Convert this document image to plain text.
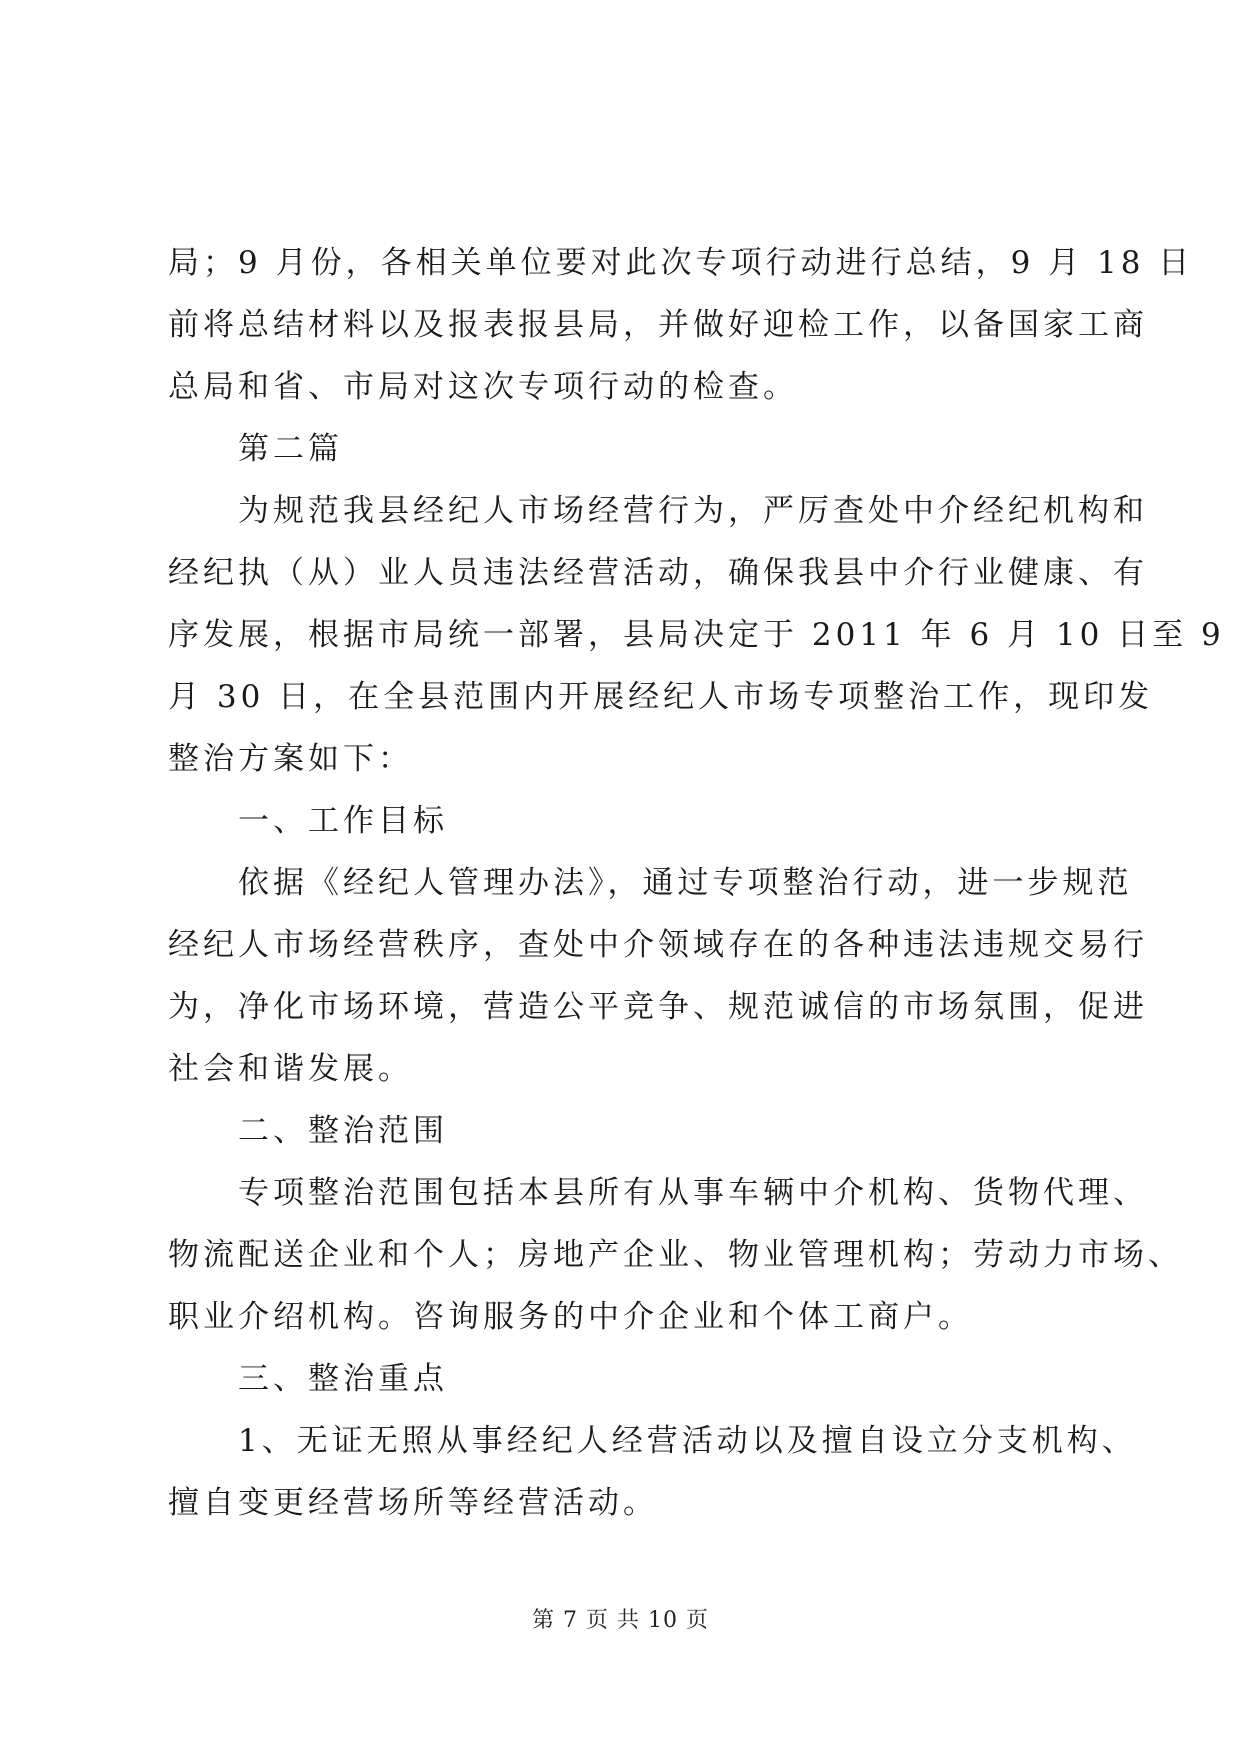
局；9 月份，各相关单位要对此次专项行动进行总结，9 月 18 日
前将总结材料以及报表报县局，并做好迎检工作，以备国家工商
总局和省、市局对这次专项行动的检查。
第二篇
为规范我县经纪人市场经营行为，严厉查处中介经纪机构和
经纪执（从）业人员违法经营活动，确保我县中介行业健康、有
序发展，根据市局统一部署，县局决定于 2011 年 6 月 10 日至 9
月 30 日，在全县范围内开展经纪人市场专项整治工作，现印发
整治方案如下：
一、工作目标
依据《经纪人管理办法》，通过专项整治行动，进一步规范
经纪人市场经营秩序，查处中介领域存在的各种违法违规交易行
为，净化市场环境，营造公平竞争、规范诚信的市场氛围，促进
社会和谐发展。
二、整治范围
专项整治范围包括本县所有从事车辆中介机构、货物代理、
物流配送企业和个人；房地产企业、物业管理机构；劳动力市场、
职业介绍机构。咨询服务的中介企业和个体工商户。
三、整治重点
1、无证无照从事经纪人经营活动以及擅自设立分支机构、
擅自变更经营场所等经营活动。
第 7 页 共 10 页
